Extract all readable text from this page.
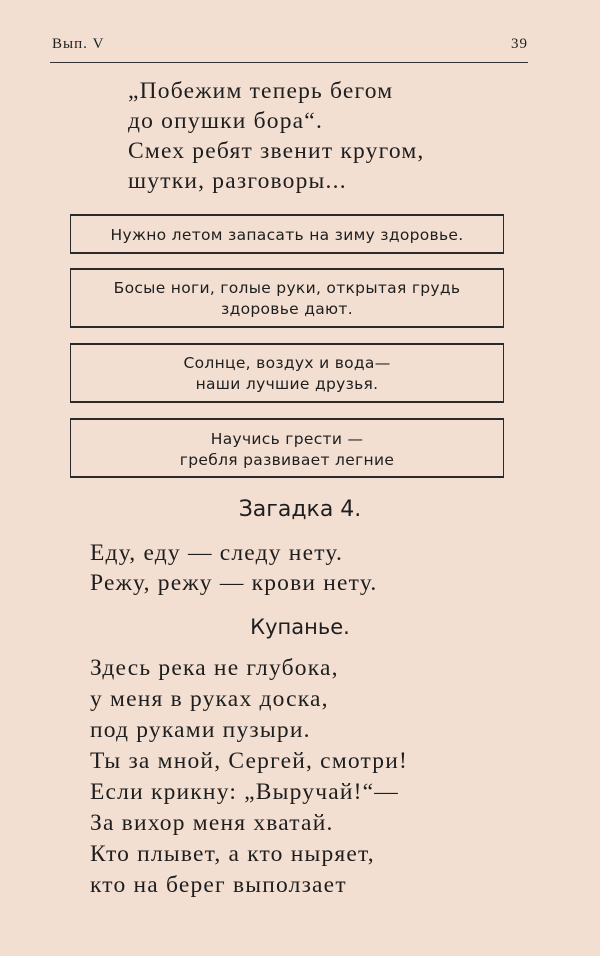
Вып. V	39
„Побежим теперь бегом
до опушки бора“.
Смех ребят звенит кругом,
шутки, разговоры...
Нужно летом запасать на зиму здоровье.
Босые ноги, голые руки, открытая грудь
здоровье дают.
Солнце, воздух и вода—
наши лучшие друзья.
Научись грести —
гребля развивает легние
Загадка 4.
Еду, еду — следу нету.
Режу, режу — крови нету.
Купанье.
Здесь река не глубока,
у меня в руках доска,
под руками пузыри.
Ты за мной, Сергей, смотри!
Если крикну: „Выручай!“—
За вихор меня хватай.
Кто плывет, а кто ныряет,
кто на берег выползает
